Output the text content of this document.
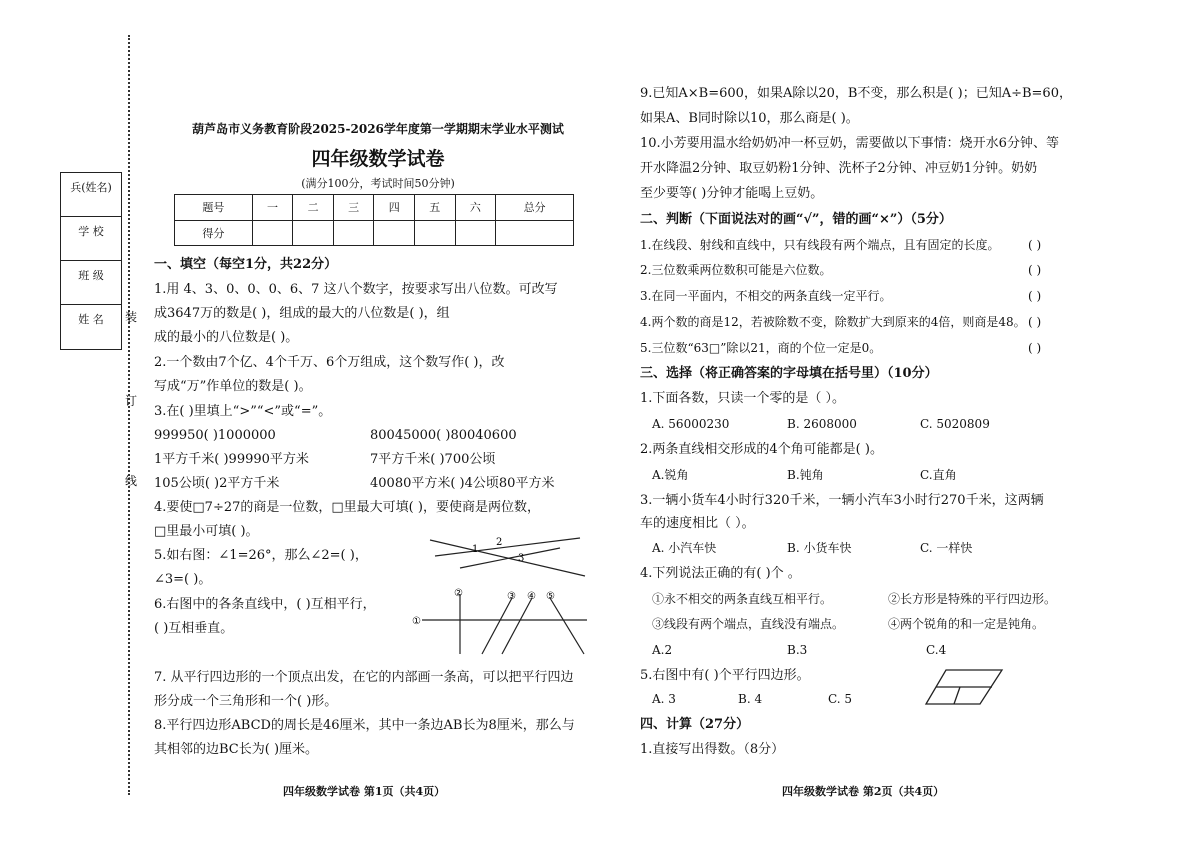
装
订
线
兵(姓名)
学 校
班 级
姓 名
葫芦岛市义务教育阶段2025-2026学年度第一学期期末学业水平测试
四年级数学试卷
(满分100分，考试时间50分钟)
题号	一	二	三	四	五	六	总分
得分							
一、填空（每空1分，共22分）
1.用 4、3、0、0、0、6、7 这八个数字，按要求写出八位数。可改写
成3647万的数是( )，组成的最大的八位数是( )，组
成的最小的八位数是( )。
2.一个数由7个亿、4个千万、6个万组成，这个数写作( )，改
写成“万”作单位的数是( )。
3.在( )里填上“>”“<”或“=”。
999950( )1000000	80045000( )80040600
1平方千米( )99990平方米	7平方千米( )700公顷
105公顷( )2平方千米	40080平方米( )4公顷80平方米
4.要使□7÷27的商是一位数，□里最大可填( )，要使商是两位数，
□里最小可填( )。
5.如右图：∠1=26°，那么∠2=( )，
∠3=( )。
6.右图中的各条直线中，( )互相平行，
( )互相垂直。
7. 从平行四边形的一个顶点出发，在它的内部画一条高，可以把平行四边
形分成一个三角形和一个( )形。
8.平行四边形ABCD的周长是46厘米，其中一条边AB长为8厘米，那么与
其相邻的边BC长为( )厘米。
四年级数学试卷 第1页（共4页）
1
2
3
①
②	③ ④ ⑤
9.已知A×B=600，如果A除以20，B不变，那么积是( )；已知A÷B=60，
如果A、B同时除以10，那么商是( )。
10.小芳要用温水给奶奶冲一杯豆奶，需要做以下事情：烧开水6分钟、等
开水降温2分钟、取豆奶粉1分钟、洗杯子2分钟、冲豆奶1分钟。奶奶
至少要等( )分钟才能喝上豆奶。
二、判断（下面说法对的画“√”，错的画“×”）（5分）
1.在线段、射线和直线中，只有线段有两个端点，且有固定的长度。 ( )
2.三位数乘两位数积可能是六位数。	( )
3.在同一平面内，不相交的两条直线一定平行。	( )
4.两个数的商是12，若被除数不变，除数扩大到原来的4倍，则商是48。 ( )
5.三位数“63□”除以21，商的个位一定是0。	( )
三、选择（将正确答案的字母填在括号里）（10分）
1.下面各数，只读一个零的是（ ）。
A. 56000230	B. 2608000	C. 5020809
2.两条直线相交形成的4个角可能都是( )。
A.锐角	B.钝角	C.直角
3.一辆小货车4小时行320千米，一辆小汽车3小时行270千米，这两辆
车的速度相比（ ）。
A. 小汽车快	B. 小货车快	C. 一样快
4.下列说法正确的有( )个 。
①永不相交的两条直线互相平行。	②长方形是特殊的平行四边形。
③线段有两个端点，直线没有端点。	④两个锐角的和一定是钝角。
A.2	B.3	C.4
5.右图中有( )个平行四边形。
A. 3	B. 4	C. 5
四、计算（27分）
1.直接写出得数。（8分）
四年级数学试卷 第2页（共4页）
